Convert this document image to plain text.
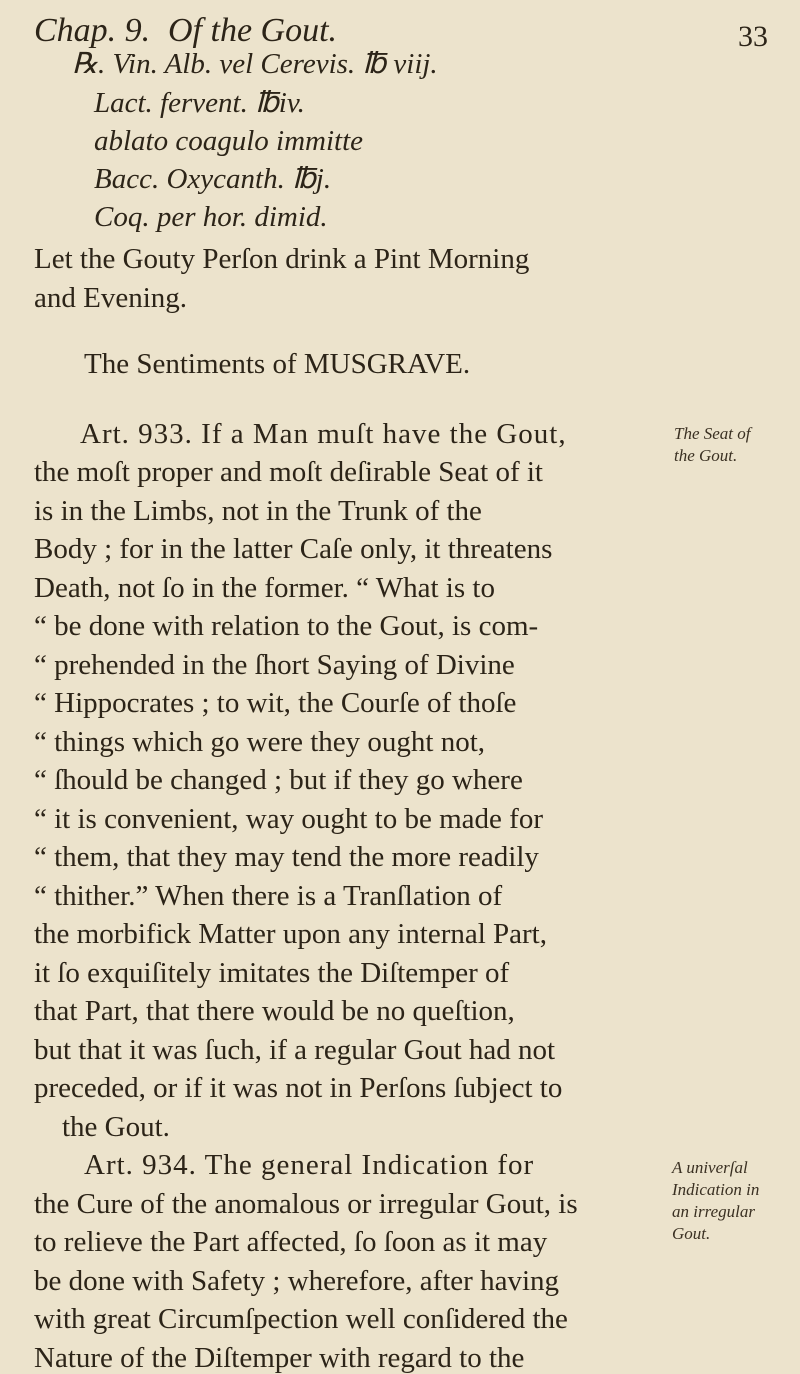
Chap. 9. Of the Gout.	33
℞. Vin. Alb. vel Cerevis. ℔ viij.
Lact. fervent. ℔iv.
ablato coagulo immitte
Bacc. Oxycanth. ℔j.
Coq. per hor. dimid.
Let the Gouty Perſon drink a Pint Morning
and Evening.
The Sentiments of MUSGRAVE.
Art. 933. If a Man muſt have the Gout,
the moſt proper and moſt deſirable Seat of it
is in the Limbs, not in the Trunk of the
Body ; for in the latter Caſe only, it threatens
Death, not ſo in the former. “ What is to
“ be done with relation to the Gout, is com-
“ prehended in the ſhort Saying of Divine
“ Hippocrates ; to wit, the Courſe of thoſe
“ things which go were they ought not,
“ ſhould be changed ; but if they go where
“ it is convenient, way ought to be made for
“ them, that they may tend the more readily
“ thither.” When there is a Tranſlation of
the morbifick Matter upon any internal Part,
it ſo exquiſitely imitates the Diſtemper of
that Part, that there would be no queſtion,
but that it was ſuch, if a regular Gout had not
preceded, or if it was not in Perſons ſubject to
the Gout.
Art. 934. The general Indication for
the Cure of the anomalous or irregular Gout, is
to relieve the Part affected, ſo ſoon as it may
be done with Safety ; wherefore, after having
with great Circumſpection well conſidered the
Nature of the Diſtemper with regard to the
The Seat of
the Gout.
A univerſal
Indication in
an irregular
Gout.
